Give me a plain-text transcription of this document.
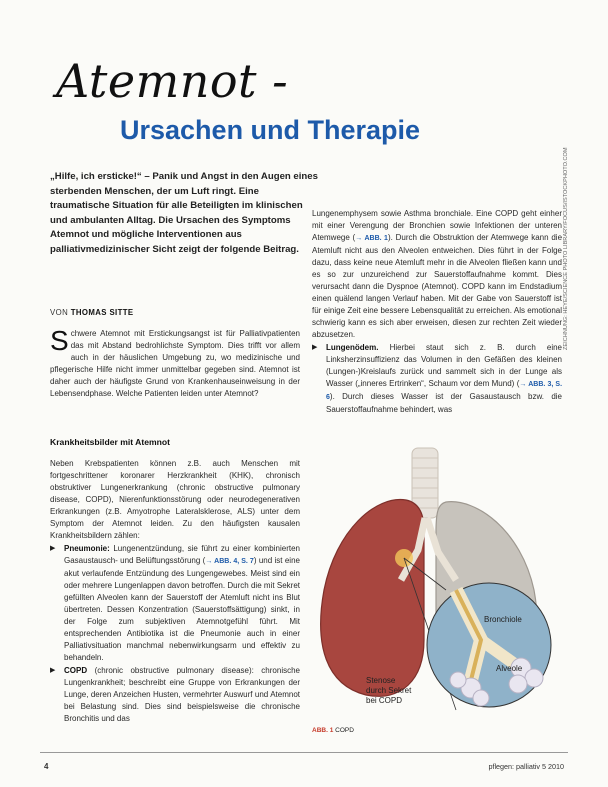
Atemnot -
Ursachen und Therapie
„Hilfe, ich ersticke!“ – Panik und Angst in den Augen eines sterbenden Menschen, der um Luft ringt. Eine traumatische Situation für alle Beteiligten im klinischen und ambulanten Alltag. Die Ursachen des Symptoms Atemnot und mögliche Interventionen aus palliativmedizinischer Sicht zeigt der folgende Beitrag.
VON THOMAS SITTE
Schwere Atemnot mit Erstickungsangst ist für Palliativpatienten das mit Abstand bedrohlichste Symptom. Dies trifft vor allem auch in der häuslichen Umgebung zu, wo medizinische und pflegerische Hilfe nicht immer unmittelbar gegeben sind. Atemnot ist daher auch der häufigste Grund von Krankenhauseinweisung in der Lebensendphase. Welche Patienten leiden unter Atemnot?
Krankheitsbilder mit Atemnot

Neben Krebspatienten können z.B. auch Menschen mit fortgeschrittener koronarer Herzkrankheit (KHK), chronisch obstruktiver Lungenerkrankung (chronic obstructive pulmonary disease, COPD), Nierenfunktionsstörung oder neurodegenerativen Erkrankungen (z.B. Amyotrophe Lateralsklerose, ALS) unter dem Symptom der Atemnot leiden. Zu den häufigsten kausalen Krankheitsbildern zählen:

▶ Pneumonie: Lungenentzündung, sie führt zu einer kombinierten Gasaustausch- und Belüftungsstörung (→ ABB. 4, S. 7) und ist eine akut verlaufende Entzündung des Lungengewebes. Meist sind ein oder mehrere Lungenlappen davon betroffen. Durch die mit Sekret gefüllten Alveolen kann der Sauerstoff der Atemluft nicht ins Blut übertreten. Dessen Konzentration (Sauerstoffsättigung) sinkt, in der Folge zum subjektiven Atemnotgefühl führt. Mit entsprechenden Antibiotika ist die Pneumonie auch in einer Palliativsituation manchmal nebenwirkungsarm und effektiv zu behandeln.

▶ COPD (chronic obstructive pulmonary disease): chronische Lungenkrankheit; beschreibt eine Gruppe von Erkrankungen der Lunge, deren Anzeichen Husten, vermehrter Auswurf und Atemnot bei Belastung sind. Dies sind beispielsweise die chronische Bronchitis und das

Lungenemphysem sowie Asthma bronchiale. Eine COPD geht einher mit einer Verengung der Bronchien sowie Infektionen der unteren Atemwege (→ ABB. 1). Durch die Obstruktion der Atemwege kann die Atemluft nicht aus den Alveolen entweichen. Dies führt in der Folge dazu, dass keine neue Atemluft mehr in die Alveolen fließen kann und es so zur unzureichend zur Sauerstoffaufnahme kommt. Dies verursacht dann die Dyspnoe (Atemnot). COPD kann im Endstadium einen quälend langen Verlauf haben. Mit der Gabe von Sauerstoff ist für einige Zeit eine bessere Lebensqualität zu erreichen. Als emotional schwierig kann es sich aber erweisen, diesen zur rechten Zeit wieder abzusetzen.

▶ Lungenödem. Hierbei staut sich z. B. durch eine Linksherzinsuffizienz das Volumen in den Gefäßen des kleinen (Lungen-)Kreislaufs zurück und sammelt sich in der Lunge als Wasser („inneres Ertrinken“, Schaum vor dem Mund) (→ ABB. 3, S. 6). Durch dieses Wasser ist der Gasaustausch bzw. die Sauerstoffaufnahme behindert, was

ZEICHNUNG: HEYE/SCIENCE PHOTO LIBRARY/FOCUS/ISTOCKPHOTO.COM
Bronchiole
Alveole
Stenose
durch Sekret
bei COPD
ABB. 1 COPD
4	pflegen: palliativ 5 2010
